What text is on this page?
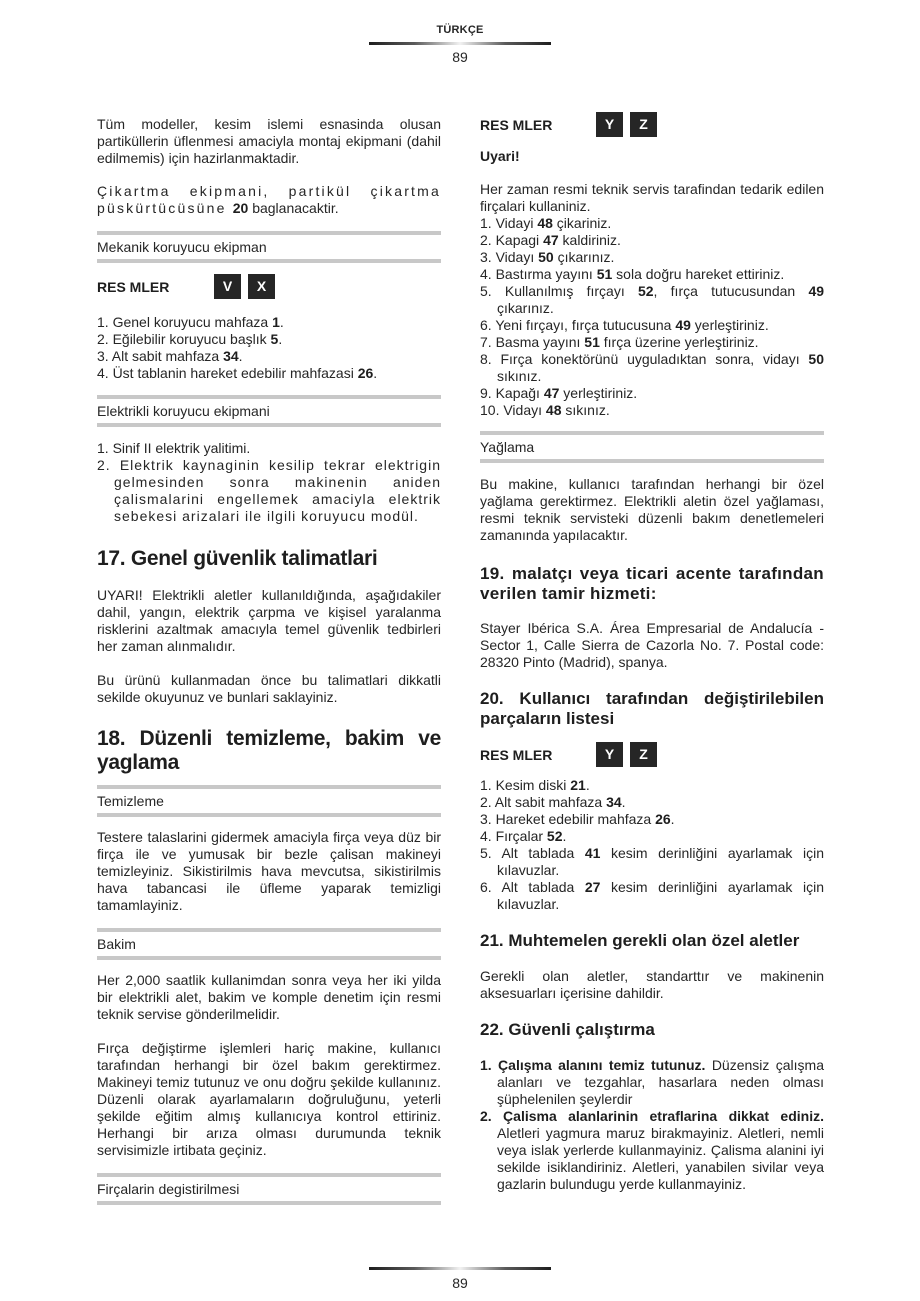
TÜRKÇE
89

Tüm modeller, kesim islemi esnasinda olusan partiküllerin üflenmesi amaciyla montaj ekipmani (dahil edilmemis) için hazirlanmaktadir.

Çikartma ekipmani, partikül çikartma püskürtücüsüne 20 baglanacaktir.

Mekanik koruyucu ekipman
RES MLER	V	X
1. Genel koruyucu mahfaza 1.
2. Eğilebilir koruyucu başlık 5.
3. Alt sabit mahfaza 34.
4. Üst tablanin hareket edebilir mahfazasi 26.
Elektrikli koruyucu ekipmani
1. Sinif II elektrik yalitimi.
2. Elektrik kaynaginin kesilip tekrar elektrigin gelmesinden sonra makinenin aniden çalismalarini engellemek amaciyla elektrik sebekesi arizalari ile ilgili koruyucu modül.
17. Genel güvenlik talimatlari

UYARI! Elektrikli aletler kullanıldığında, aşağıdakiler dahil, yangın, elektrik çarpma ve kişisel yaralanma risklerini azaltmak amacıyla temel güvenlik tedbirleri her zaman alınmalıdır.

Bu ürünü kullanmadan önce bu talimatlari dikkatli sekilde okuyunuz ve bunlari saklayiniz.

18. Düzenli temizleme, bakim ve yaglama
Temizleme

Testere talaslarini gidermek amaciyla firça veya düz bir firça ile ve yumusak bir bezle çalisan makineyi temizleyiniz. Sikistirilmis hava mevcutsa, sikistirilmis hava tabancasi ile üfleme yaparak temizligi tamamlayiniz.

Bakim

Her 2,000 saatlik kullanimdan sonra veya her iki yilda bir elektrikli alet, bakim ve komple denetim için resmi teknik servise gönderilmelidir.

Fırça değiştirme işlemleri hariç makine, kullanıcı tarafından herhangi bir özel bakım gerektirmez. Makineyi temiz tutunuz ve onu doğru şekilde kullanınız. Düzenli olarak ayarlamaların doğruluğunu, yeterli şekilde eğitim almış kullanıcıya kontrol ettiriniz. Herhangi bir arıza olması durumunda teknik servisimizle irtibata geçiniz.

Firçalarin degistirilmesi
RES MLER	Y	Z
Uyari!

Her zaman resmi teknik servis tarafindan tedarik edilen firçalari kullaniniz.

1. Vidayi 48 çikariniz.
2. Kapagi 47 kaldiriniz.
3. Vidayı 50 çıkarınız.
4. Bastırma yayını 51 sola doğru hareket ettiriniz.
5. Kullanılmış fırçayı 52, fırça tutucusundan 49 çıkarınız.
6. Yeni fırçayı, fırça tutucusuna 49 yerleştiriniz.
7. Basma yayını 51 fırça üzerine yerleştiriniz.
8. Fırça konektörünü uyguladıktan sonra, vidayı 50 sıkınız.
9. Kapağı 47 yerleştiriniz.
10. Vidayı 48 sıkınız.
Yağlama

Bu makine, kullanıcı tarafından herhangi bir özel yağlama gerektirmez. Elektrikli aletin özel yağlaması, resmi teknik servisteki düzenli bakım denetlemeleri zamanında yapılacaktır.

19. malatçı veya ticari acente tarafından verilen tamir hizmeti:

Stayer Ibérica S.A. Área Empresarial de Andalucía - Sector 1, Calle Sierra de Cazorla No. 7. Postal code: 28320 Pinto (Madrid), spanya.

20. Kullanıcı tarafından değiştirilebilen parçaların listesi
RES MLER	Y	Z
1. Kesim diski 21.
2. Alt sabit mahfaza 34.
3. Hareket edebilir mahfaza 26.
4. Fırçalar 52.
5. Alt tablada 41 kesim derinliğini ayarlamak için kılavuzlar.
6. Alt tablada 27 kesim derinliğini ayarlamak için kılavuzlar.
21. Muhtemelen gerekli olan özel aletler

Gerekli olan aletler, standarttır ve makinenin aksesuarları içerisine dahildir.

22. Güvenli çalıştırma
1. Çalışma alanını temiz tutunuz. Düzensiz çalışma alanları ve tezgahlar, hasarlara neden olması şüphelenilen şeylerdir
2. Çalisma alanlarinin etraflarina dikkat ediniz. Aletleri yagmura maruz birakmayiniz. Aletleri, nemli veya islak yerlerde kullanmayiniz. Çalisma alanini iyi sekilde isiklandiriniz. Aletleri, yanabilen sivilar veya gazlarin bulundugu yerde kullanmayiniz.
89
